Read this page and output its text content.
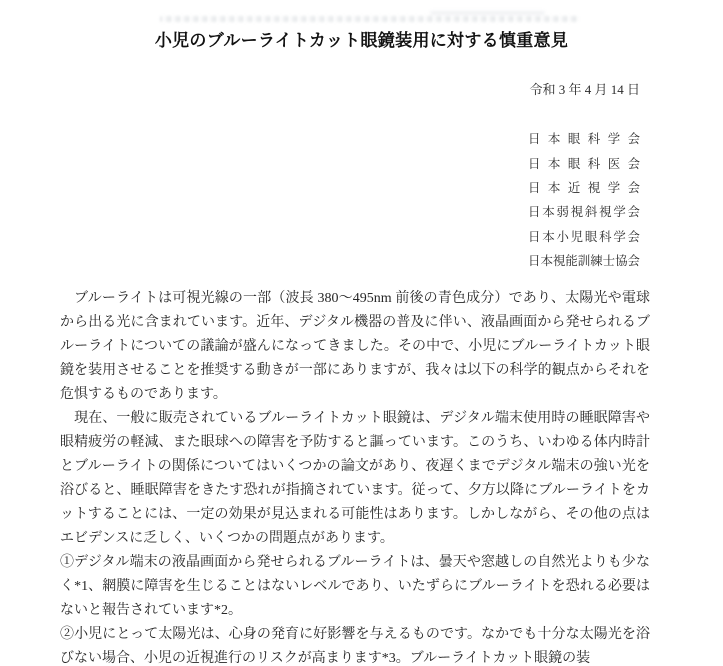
小児のブルーライトカット眼鏡装用に対する慎重意見
令和 3 年 4 月 14 日
日 本 眼 科 学 会
日 本 眼 科 医 会
日 本 近 視 学 会
日 本 弱 視 斜 視 学 会
日 本 小 児 眼 科 学 会
日 本 視 能 訓 練 士 協 会

　ブルーライトは可視光線の一部（波長 380～495nm 前後の青色成分）であり、太陽光や電球から出る光に含まれています。近年、デジタル機器の普及に伴い、液晶画面から発せられるブルーライトについての議論が盛んになってきました。その中で、小児にブルーライトカット眼鏡を装用させることを推奨する動きが一部にありますが、我々は以下の科学的観点からそれを危惧するものであります。

　現在、一般に販売されているブルーライトカット眼鏡は、デジタル端末使用時の睡眠障害や眼精疲労の軽減、また眼球への障害を予防すると謳っています。このうち、いわゆる体内時計とブルーライトの関係についてはいくつかの論文があり、夜遅くまでデジタル端末の強い光を浴びると、睡眠障害をきたす恐れが指摘されています。従って、夕方以降にブルーライトをカットすることには、一定の効果が見込まれる可能性はあります。しかしながら、その他の点はエビデンスに乏しく、いくつかの問題点があります。

①デジタル端末の液晶画面から発せられるブルーライトは、曇天や窓越しの自然光よりも少なく*1、網膜に障害を生じることはないレベルであり、いたずらにブルーライトを恐れる必要はないと報告されています*2。

②小児にとって太陽光は、心身の発育に好影響を与えるものです。なかでも十分な太陽光を浴びない場合、小児の近視進行のリスクが高まります*3。ブルーライトカット眼鏡の装
